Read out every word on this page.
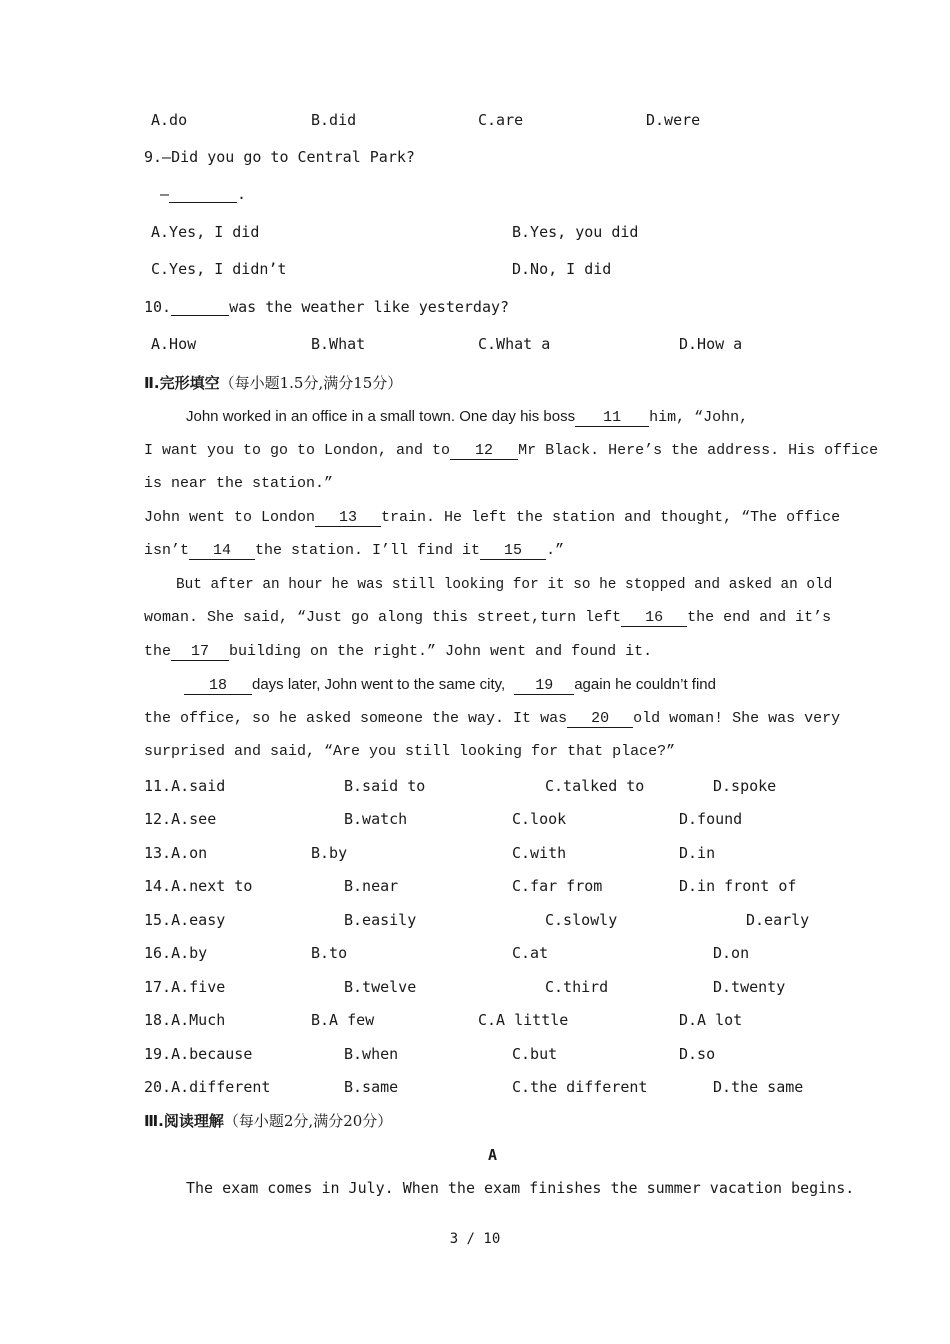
A.do	B.did	C.are	D.were
9.—Did you go to Central Park?
—	.
A.Yes, I did	B.Yes, you did
C.Yes, I didn’t	D.No, I did
10.	was the weather like yesterday?
A.How	B.What	C.What a	D.How a
Ⅱ.完形填空（每小题1.5分,满分15分）
John worked in an office in a small town. One day his boss 11 him, “John,
I want you to go to London, and to 12 Mr Black. Here’s the address. His office
is near the station.”
John went to London 13 train. He left the station and thought, “The office
isn’t 14 the station. I’ll find it 15 .”
But after an hour he was still looking for it so he stopped and asked an old
woman. She said, “Just go along this street,turn left 16 the end and it’s
the 17 building on the right.” John went and found it.
18 days later, John went to the same city, 19 again he couldn’t find
the office, so he asked someone the way. It was 20 old woman! She was very
surprised and said, “Are you still looking for that place?”
11.A.said	B.said to	C.talked to	D.spoke
12.A.see	B.watch	C.look	D.found
13.A.on	B.by	C.with	D.in
14.A.next to	B.near	C.far from	D.in front of
15.A.easy	B.easily	C.slowly	D.early
16.A.by	B.to	C.at	D.on
17.A.five	B.twelve	C.third	D.twenty
18.A.Much	B.A few	C.A little	D.A lot
19.A.because	B.when	C.but	D.so
20.A.different	B.same	C.the different	D.the same
Ⅲ.阅读理解（每小题2分,满分20分）
A
The exam comes in July. When the exam finishes the summer vacation begins.
3 / 10
